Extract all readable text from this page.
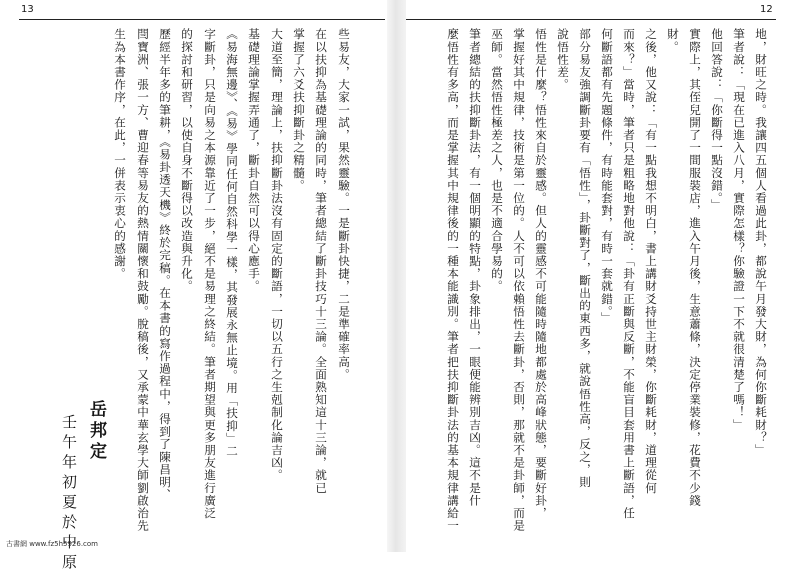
13	12
些易友，大家一試，果然靈驗。一是斷卦快捷，二是準確率高。
在以扶抑為基礎理論的同時，筆者總結了斷卦技巧十三論。全面熟知這十三論，就已
掌握了六爻扶抑斷卦之精髓。
大道至簡，理論上，扶抑斷卦法沒有固定的斷語，一切以五行之生剋制化論吉凶。
基礎理論掌握弄通了，斷卦自然可以得心應手。
《易海無邊》、《易》學同任何自然科學一樣，其發展永無止境。用「扶抑」二
字斷卦，只是向易之本源靠近了一步，絕不是易理之終結。筆者期望與更多朋友進行廣泛
的探討和研習，以使自身不斷得以改造與升化。
歷經半年多的筆耕，《易卦透天機》終於完稿。在本書的寫作過程中，得到了陳昌明、
閆寶洲、張一方、曹迎春等易友的熱情關懷和鼓勵。脫稿後，又承蒙中華玄學大師劉啟治先
生為本書作序，在此，一併表示衷心的感謝。
岳邦定
壬午年初夏於中原
地，財旺之時。我讓四五個人看過此卦，都說午月發大財，為何你斷耗財？」
筆者說：「現在已進入八月，實際怎樣？你驗證一下不就很清楚了嗎！」
他回答說：「你斷得一點沒錯。」
實際上，其侄兒開了一間服裝店，進入午月後，生意蕭條，決定停業裝修，花費不少錢
財。
之後，他又說：「有一點我想不明白，書上講財爻持世主財榮，你斷耗財，道理從何
而來？」當時，筆者只是粗略地對他說：「卦有正斷與反斷，不能盲目套用書上斷語，任
何斷語都有先題條件，有時能套對，有時一套就錯。」
部分易友強調斷卦要有「悟性」，卦斷對了，斷出的東西多，就說悟性高，反之，則
說悟性差。
悟性是什麼？悟性來自於靈感。但人的靈感不可能隨時隨地都處於高峰狀態，要斷好卦，
掌握好其中規律，技術是第一位的。人不可以依賴悟性去斷卦，否則，那就不是卦師，而是
巫師。當然悟性極差之人，也是不適合學易的。
筆者總結的扶抑斷卦法，有一個明顯的特點，卦象排出，一眼便能辨別吉凶。這不是什
麼悟性有多高，而是掌握其中規律後的一種本能識別。筆者把扶抑斷卦法的基本規律講給一
古書網 www.fz5h5926.com
